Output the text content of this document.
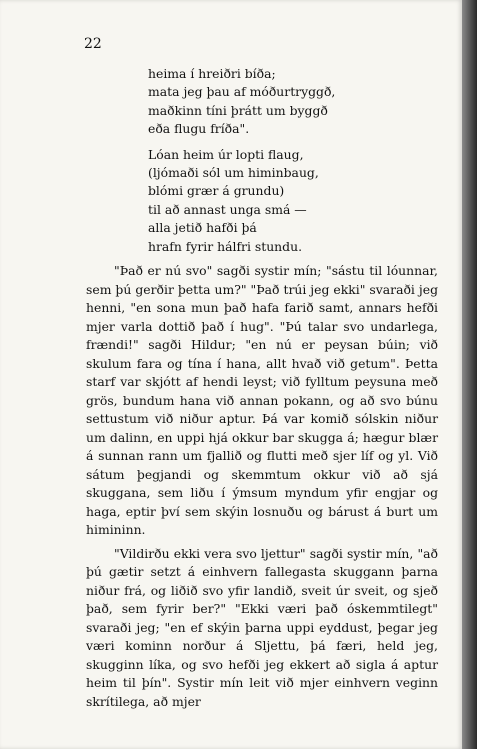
22
heima í hreiðri bíða;
mata jeg þau af móðurtryggð,
maðkinn tíni þrátt um byggð
eða flugu fríða".
Lóan heim úr lopti flaug,
(ljómaði sól um himinbaug,
blómi grær á grundu)
til að annast unga smá —
alla jetið hafði þá
hrafn fyrir hálfri stundu.

"Það er nú svo" sagði systir mín; "sástu til lóunnar, sem þú gerðir þetta um?" "Það trúi jeg ekki" svaraði jeg henni, "en sona mun það hafa farið samt, annars hefði mjer varla dottið það í hug". "Þú talar svo undarlega, frændi!" sagði Hildur; "en nú er peysan búin; við skulum fara og tína í hana, allt hvað við getum". Þetta starf var skjótt af hendi leyst; við fylltum peysuna með grös, bundum hana við annan pokann, og að svo búnu settustum við niður aptur. Þá var komið sólskin niður um dalinn, en uppi hjá okkur bar skugga á; hægur blær á sunnan rann um fjallið og flutti með sjer líf og yl. Við sátum þegjandi og skemmtum okkur við að sjá skuggana, sem liðu í ýmsum myndum yfir engjar og haga, eptir því sem skýin losnuðu og bárust á burt um himininn.

"Vildirðu ekki vera svo ljettur" sagði systir mín, "að þú gætir setzt á einhvern fallegasta skuggann þarna niður frá, og liðið svo yfir landið, sveit úr sveit, og sjeð það, sem fyrir ber?" "Ekki væri það óskemmtilegt" svaraði jeg; "en ef skýin þarna uppi eyddust, þegar jeg væri kominn norður á Sljettu, þá færi, held jeg, skugginn líka, og svo hefði jeg ekkert að sigla á aptur heim til þín". Systir mín leit við mjer einhvern veginn skrítilega, að mjer
